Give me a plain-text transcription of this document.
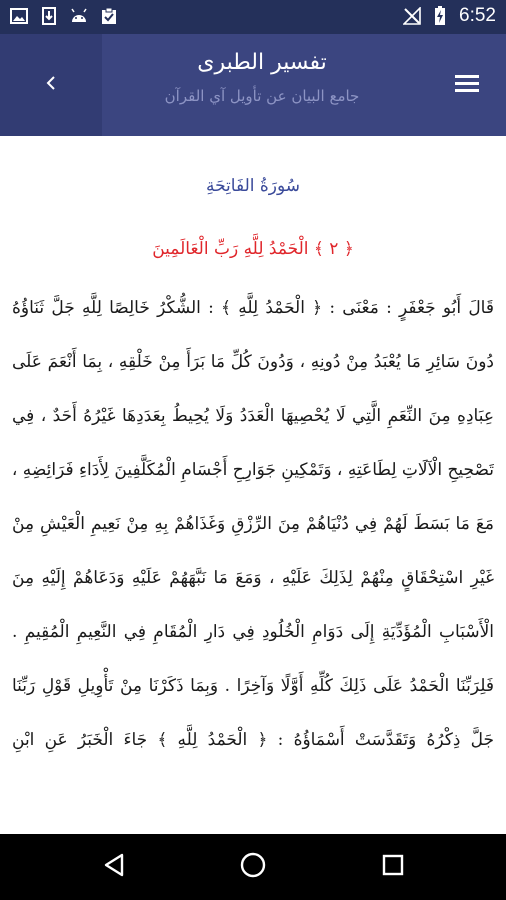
6:52
تفسير الطبرى
جامع البيان عن تأويل آي القرآن
سُورَةُ الفَاتِحَةِ
﴿ ٢ ﴾ الْحَمْدُ لِلَّهِ رَبِّ الْعَالَمِينَ
قَالَ أَبُو جَعْفَرٍ : مَعْنَى : ﴿ الْحَمْدُ لِلَّهِ ﴾ : الشُّكْرُ خَالِصًا لِلَّهِ جَلَّ ثَنَاؤُهُ
دُونَ سَائِرِ مَا يُعْبَدُ مِنْ دُونِهِ ، وَدُونَ كُلِّ مَا بَرَأَ مِنْ خَلْقِهِ ، بِمَا أَنْعَمَ عَلَى
عِبَادِهِ مِنَ النِّعَمِ الَّتِي لَا يُحْصِيهَا الْعَدَدُ وَلَا يُحِيطُ بِعَدَدِهَا غَيْرُهُ أَحَدٌ ، فِي
تَصْحِيحِ الْآلَاتِ لِطَاعَتِهِ ، وَتَمْكِينِ جَوَارِحِ أَجْسَامِ الْمُكَلَّفِينَ لِأَدَاءِ فَرَائِضِهِ ،
مَعَ مَا بَسَطَ لَهُمْ فِي دُنْيَاهُمْ مِنَ الرِّزْقِ وَغَذَاهُمْ بِهِ مِنْ نَعِيمِ الْعَيْشِ مِنْ
غَيْرِ اسْتِحْقَاقٍ مِنْهُمْ لِذَلِكَ عَلَيْهِ ، وَمَعَ مَا نَبَّهَهُمْ عَلَيْهِ وَدَعَاهُمْ إِلَيْهِ مِنَ
الْأَسْبَابِ الْمُؤَدِّيَةِ إِلَى دَوَامِ الْخُلُودِ فِي دَارِ الْمُقَامِ فِي النَّعِيمِ الْمُقِيمِ .
فَلِرَبِّنَا الْحَمْدُ عَلَى ذَلِكَ كُلِّهِ أَوَّلًا وَآخِرًا . وَبِمَا ذَكَرْنَا مِنْ تَأْوِيلِ قَوْلِ رَبِّنَا
جَلَّ ذِكْرُهُ وَتَقَدَّسَتْ أَسْمَاؤُهُ : ﴿ الْحَمْدُ لِلَّهِ ﴾ جَاءَ الْخَبَرُ عَنِ ابْنِ
